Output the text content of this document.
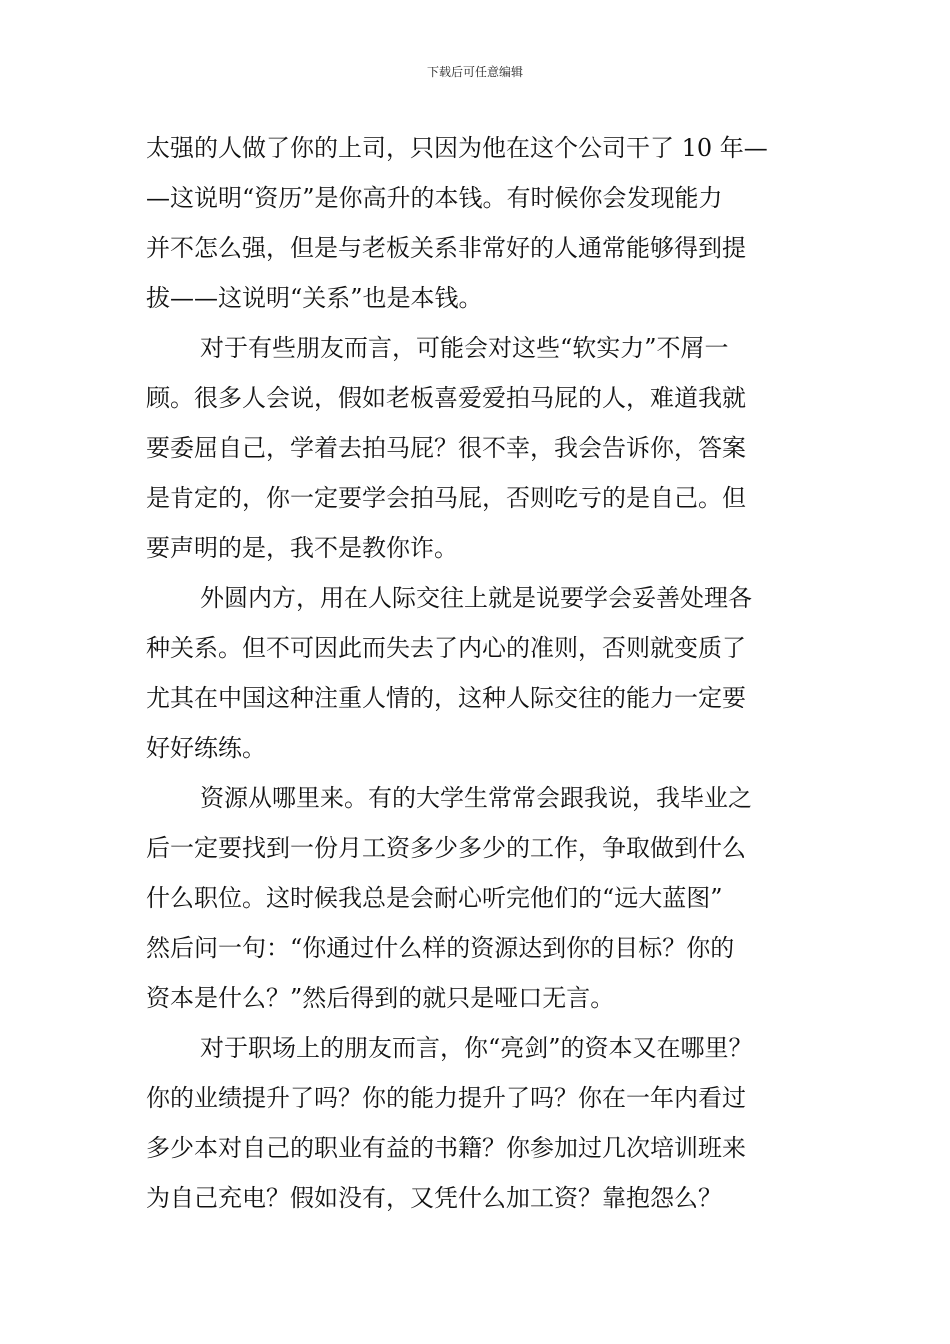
下载后可任意编辑
太强的人做了你的上司，只因为他在这个公司干了 10 年—
—这说明“资历”是你高升的本钱。有时候你会发现能力
并不怎么强，但是与老板关系非常好的人通常能够得到提
拔——这说明“关系”也是本钱。
对于有些朋友而言，可能会对这些“软实力”不屑一
顾。很多人会说，假如老板喜爱爱拍马屁的人，难道我就
要委屈自己，学着去拍马屁？很不幸，我会告诉你，答案
是肯定的，你一定要学会拍马屁，否则吃亏的是自己。但
要声明的是，我不是教你诈。
外圆内方，用在人际交往上就是说要学会妥善处理各
种关系。但不可因此而失去了内心的准则，否则就变质了
尤其在中国这种注重人情的，这种人际交往的能力一定要
好好练练。
资源从哪里来。有的大学生常常会跟我说，我毕业之
后一定要找到一份月工资多少多少的工作，争取做到什么
什么职位。这时候我总是会耐心听完他们的“远大蓝图”
然后问一句：“你通过什么样的资源达到你的目标？你的
资本是什么？”然后得到的就只是哑口无言。
对于职场上的朋友而言，你“亮剑”的资本又在哪里？
你的业绩提升了吗？你的能力提升了吗？你在一年内看过
多少本对自己的职业有益的书籍？你参加过几次培训班来
为自己充电？假如没有，又凭什么加工资？靠抱怨么？
